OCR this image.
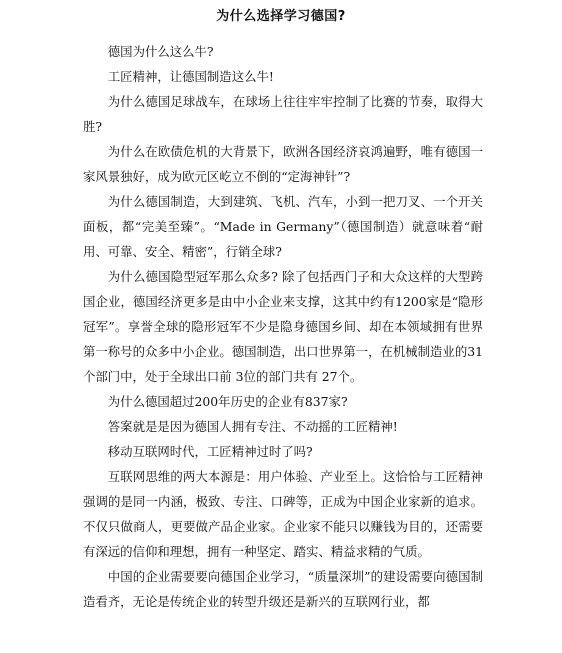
为什么选择学习德国?

德国为什么这么牛?

工匠精神，让德国制造这么牛!

为什么德国足球战车，在球场上往往牢牢控制了比赛的节奏，取得大胜?

为什么在欧债危机的大背景下，欧洲各国经济哀鸿遍野，唯有德国一家风景独好，成为欧元区屹立不倒的“定海神针”?

为什么德国制造，大到建筑、飞机、汽车，小到一把刀叉、一个开关面板，都“完美至臻”。“Made in Germany”（德国制造）就意味着“耐用、可靠、安全、精密”，行销全球?

为什么德国隐型冠军那么众多? 除了包括西门子和大众这样的大型跨国企业，德国经济更多是由中小企业来支撑，这其中约有1200家是“隐形冠军”。享誉全球的隐形冠军不少是隐身德国乡间、却在本领域拥有世界第一称号的众多中小企业。德国制造，出口世界第一，在机械制造业的31 个部门中，处于全球出口前 3位的部门共有 27个。

为什么德国超过200年历史的企业有837家?

答案就是是因为德国人拥有专注、不动摇的工匠精神!

移动互联网时代，工匠精神过时了吗?

互联网思维的两大本源是：用户体验、产业至上。这恰恰与工匠精神强调的是同一内涵，极致、专注、口碑等，正成为中国企业家新的追求。不仅只做商人，更要做产品企业家。企业家不能只以赚钱为目的，还需要有深远的信仰和理想，拥有一种坚定、踏实、精益求精的气质。

中国的企业需要要向德国企业学习，“质量深圳”的建设需要向德国制造看齐，无论是传统企业的转型升级还是新兴的互联网行业，都
